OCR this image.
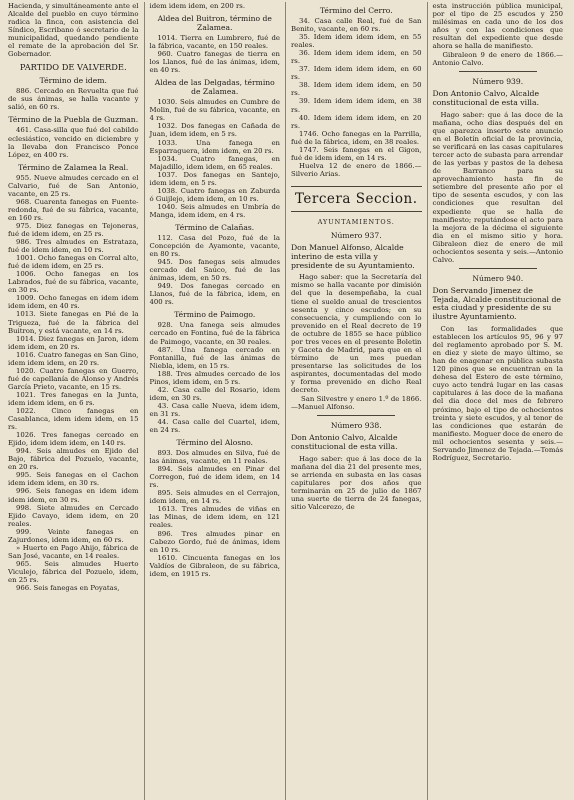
Hacienda, y simultáneamente ante el Alcalde del pueblo en cuyo término radica la finca, con asistencia del Síndico, Escribano ó secretario de la municipalidad, quedando pendiente el remate de la aprobación del Sr. Gobernador.

PARTIDO DE VALVERDE.
Término de idem.

886. Cercado en Revuelta que fué de sus ánimas, se halla vacante y salió, en 60 rs.

Término de la Puebla de Guzman.

461. Casa-silla que fué del cabildo eclesiástico, vencido en diciembre y la llevaba don Francisco Ponce López, en 400 rs.

Término de Zalamea la Real.

955. Nueve almudes cercado en el Calvario, fué de San Antonio, vacante, en 25 rs.

968. Cuarenta fanegas en Fuente-redonda, fué de su fábrica, vacante, en 160 rs.

975. Diez fanegas en Tejoneras, fué de idem idem, en 25 rs.

986. Tres almudes en Estrataza, fué de idem idem, en 10 rs.

1001. Ocho fanegas en Corral alto, fué de idem idem, en 25 rs.

1006. Ocho fanegas en los Labrados, fué de su fábrica, vacante, en 30 rs.

1009. Ocho fanegas en idem idem idem idem, en 40 rs.

1013. Siete fanegas en Pié de la Trigueza, fué de la fábrica del Buitron, y está vacante, en 14 rs.

1014. Diez fanegas en Jaron, idem idem idem, en 20 rs.

1016. Cuatro fanegas en San Gino, idem idem idem, en 20 rs.

1020. Cuatro fanegas en Guerro, fué de capellanía de Alonso y Andrés García Prieto, vacante, en 15 rs.

1021. Tres fanegas en la Junta, idem idem idem, en 6 rs.

1022. Cinco fanegas en Casablanca, idem idem idem, en 15 rs.

1026. Tres fanegas cercado en Ejido, idem idem idem, en 140 rs.

994. Seis almudes en Ejido del Bajo, fábrica del Pozuelo, vacante, en 20 rs.

995. Seis fanegas en el Cachon idem idem idem, en 30 rs.

996. Seis fanegas en idem idem idem idem, en 30 rs.

998. Siete almudes en Cercado Ejido Cavayo, idem idem, en 20 reales.

999. Veinte fanegas en Zajurdones, idem idem, en 60 rs.

» Huerto en Pago Ahijo, fábrica de San José, vacante, en 14 reales.

965. Seis almudes Huerto Viculejo, fábrica del Pozuelo, idem, en 25 rs.

966. Seis fanegas en Poyatas,

idem idem idem, en 200 rs.

Aldea del Buitron, término de Zalamea.

1014. Tierra en Lumbrero, fué de la fábrica, vacante, en 150 reales.

960. Cuatro fanegas de tierra en los Llanos, fué de las ánimas, idem, en 40 rs.

Aldea de las Delgadas, término de Zalamea.

1030. Seis almudes en Cumbre de Molin, fué de su fábrica, vacante, en 4 rs.

1032. Dos fanegas en Cañada de Juan, idem idem, en 5 rs.

1033. Una fanega en Esparraguera, idem idem, en 20 rs.

1034. Cuatro fanegas, en Majadillo, idem idem, en 65 reales.

1037. Dos fanegas en Santejo, idem idem, en 5 rs.

1038. Cuatro fanegas en Zaburda ó Guijlejo, idem idem, en 10 rs.

1040. Seis almudes en Umbría de Manga, idem idem, en 4 rs.

Término de Calañas.

112. Casa del Pozo, fué de la Concepción de Ayamonte, vacante, en 80 rs.

945. Dos fanegas seis almudes cercado del Saúco, fué de las ánimas, idem, en 50 rs.

949. Dos fanegas cercado en Llanos, fué de la fábrica, idem, en 400 rs.

Término de Paimogo.

928. Una fanega seis almudes cercado en Fontina, fué de la fábrica de Paimogo, vacante, en 30 reales.

487. Una fanega cercado en Fontanilla, fué de las ánimas de Niebla, idem, en 15 rs.

188. Tres almudes cercado de los Pinos, idem idem, en 5 rs.

42. Casa calle del Rosario, idem idem, en 30 rs.

43. Casa calle Nueva, idem idem, en 31 rs.

44. Casa calle del Cuartel, idem, en 24 rs.

Término del Alosno.

893. Dos almudes en Silva, fué de las ánimas, vacante, en 11 reales.

894. Seis almudes en Pinar del Corregon, fué de idem idem, en 14 rs.

895. Seis almudes en el Cerrajon, idem idem, en 14 rs.

1613. Tres almudes de viñas en las Minas, de idem idem, en 121 reales.

896. Tres almudes pinar en Cabezo Gordo, fué de ánimas, idem en 10 rs.

1610. Cincuenta fanegas en los Valdíos de Gibraleon, de su fábrica, idem, en 1915 rs.

Término del Cerro.

34. Casa calle Real, fué de San Benito, vacante, en 60 rs.

35. Idem idem idem idem, en 55 reales.

36. Idem idem idem idem, en 50 rs.

37. Idem idem idem idem, en 60 rs.

38. Idem idem idem idem, en 50 rs.

39. Idem idem idem idem, en 38 rs.

40. Idem idem idem idem, en 20 rs.

1746. Ocho fanegas en la Parrilla, fué de la fábrica, idem, en 38 reales.

1747. Seis fanegas en el Gigon, fué de idem idem, en 14 rs.

Huelva 12 de enero de 1866.— Silverio Arias.

Tercera Seccion.
AYUNTAMIENTOS.
Número 937.

Don Manuel Alfonso, Alcalde interino de esta villa y presidente de su Ayuntamiento.

Hago saber: que la Secretaría del mismo se halla vacante por dimisión del que la desempeñaba, la cual tiene el sueldo anual de trescientos sesenta y cinco escudos; en su consecuencia, y cumpliendo con lo prevenido en el Real decreto de 19 de octubre de 1855 se hace público por tres veces en el presente Boletin y Gaceta de Madrid, para que en el término de un mes puedan presentarse las solicitudes de los aspirantes, documentadas del modo y forma prevenido en dicho Real decreto.

San Silvestre y enero 1.º de 1866.—Manuel Alfonso.

Número 938.

Don Antonio Calvo, Alcalde constitucional de esta villa.

Hago saber: que á las doce de la mañana del dia 21 del presente mes, se arrienda en subasta en las casas capitulares por dos años que terminarán en 25 de julio de 1867 una suerte de tierra de 24 fanegas, sitio Valcerezo, de

esta instrucción pública municipal, por el tipo de 25 escudos y 250 milésimas en cada uno de los dos años y con las condiciones que resultan del expediente que desde ahora se halla de manifiesto.

Gibraleon 9 de enero de 1866.—Antonio Calvo.

Número 939.

Don Antonio Calvo, Alcalde constitucional de esta villa.

Hago saber: que á las doce de la mañana, ocho dias después del en que aparezca inserto este anuncio en el Boletín oficial de la provincia, se verificará en las casas capitulares tercer acto de subasta para arrendar de las yerbas y pastos de la dehesa de Barranco para su aprovechamiento hasta fin de setiembre del presente año por el tipo de sesenta escudos, y con las condiciones que resultan del expediente que se halla de manifiesto; reputándose el acto para la mejora de la décima el siguiente dia en el mismo sitio y hora. Gibraleon diez de enero de mil ochocientos sesenta y seis.—Antonio Calvo.

Número 940.

Don Servando Jimenez de Tejada, Alcalde constitucional de esta ciudad y presidente de su ilustre Ayuntamiento.

Con las formalidades que establecen los artículos 95, 96 y 97 del reglamento aprobado por S. M. en diez y siete de mayo último, se han de enagenar en pública subasta 120 pinos que se encuentran en la dehesa del Estero de este término, cuyo acto tendrá lugar en las casas capitulares á las doce de la mañana del dia doce del mes de febrero próximo, bajo el tipo de ochocientos treinta y siete escudos, y al tenor de las condiciones que estarán de manifiesto. Moguer doce de enero de mil ochocientos sesenta y seis.—Servando Jimenez de Tejada.—Tomás Rodríguez, Secretario.
